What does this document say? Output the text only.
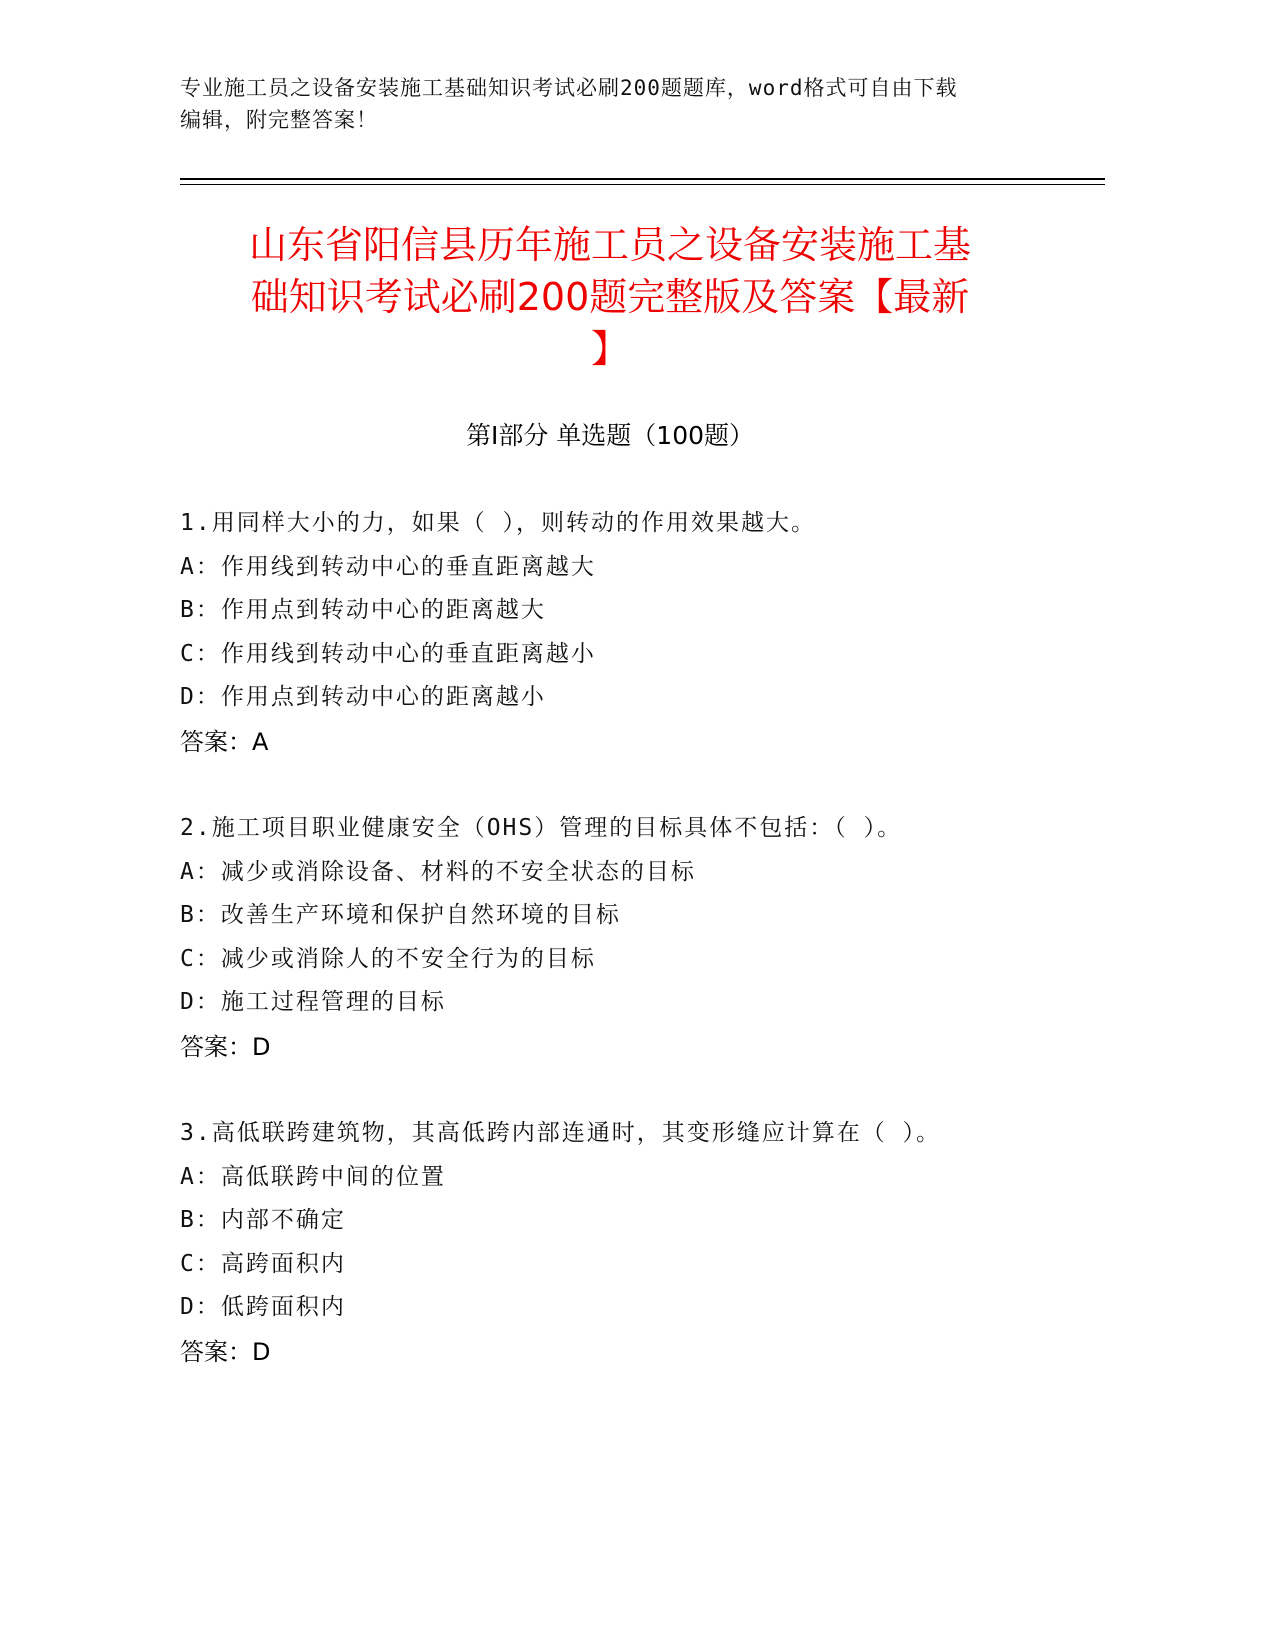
专业施工员之设备安装施工基础知识考试必刷200题题库，word格式可自由下载
编辑，附完整答案！
山东省阳信县历年施工员之设备安装施工基
础知识考试必刷200题完整版及答案【最新
】
第Ⅰ部分 单选题（100题）
1.用同样大小的力，如果（ ），则转动的作用效果越大。
A：作用线到转动中心的垂直距离越大
B：作用点到转动中心的距离越大
C：作用线到转动中心的垂直距离越小
D：作用点到转动中心的距离越小
答案：A
2.施工项目职业健康安全（OHS）管理的目标具体不包括：（ ）。
A：减少或消除设备、材料的不安全状态的目标
B：改善生产环境和保护自然环境的目标
C：减少或消除人的不安全行为的目标
D：施工过程管理的目标
答案：D
3.高低联跨建筑物，其高低跨内部连通时，其变形缝应计算在（ ）。
A：高低联跨中间的位置
B：内部不确定
C：高跨面积内
D：低跨面积内
答案：D
